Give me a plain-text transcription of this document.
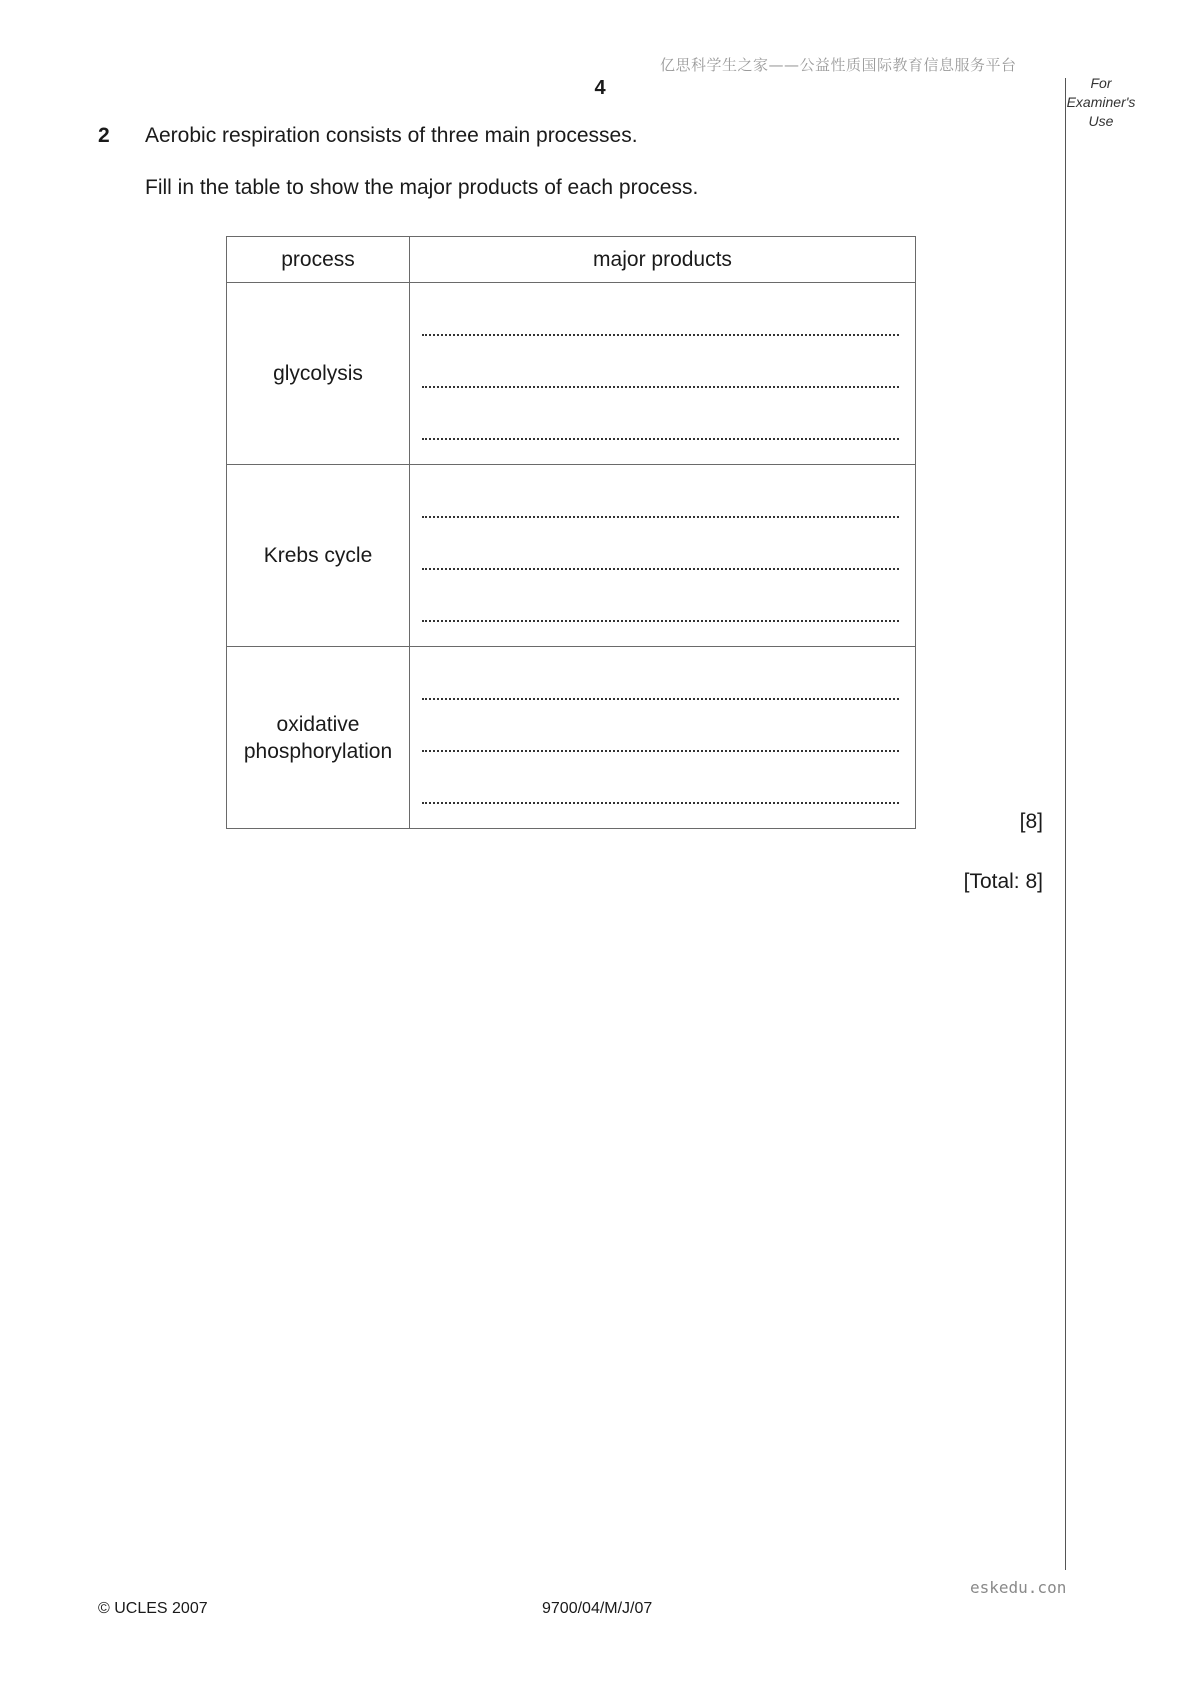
亿思科学生之家——公益性质国际教育信息服务平台
4	For
Examiner's
Use
2 Aerobic respiration consists of three main processes.
Fill in the table to show the major products of each process.
process	major products
glycolysis	

Krebs cycle	

oxidative
phosphorylation	
[8]
[Total: 8]
eskedu.con
© UCLES 2007	9700/04/M/J/07
